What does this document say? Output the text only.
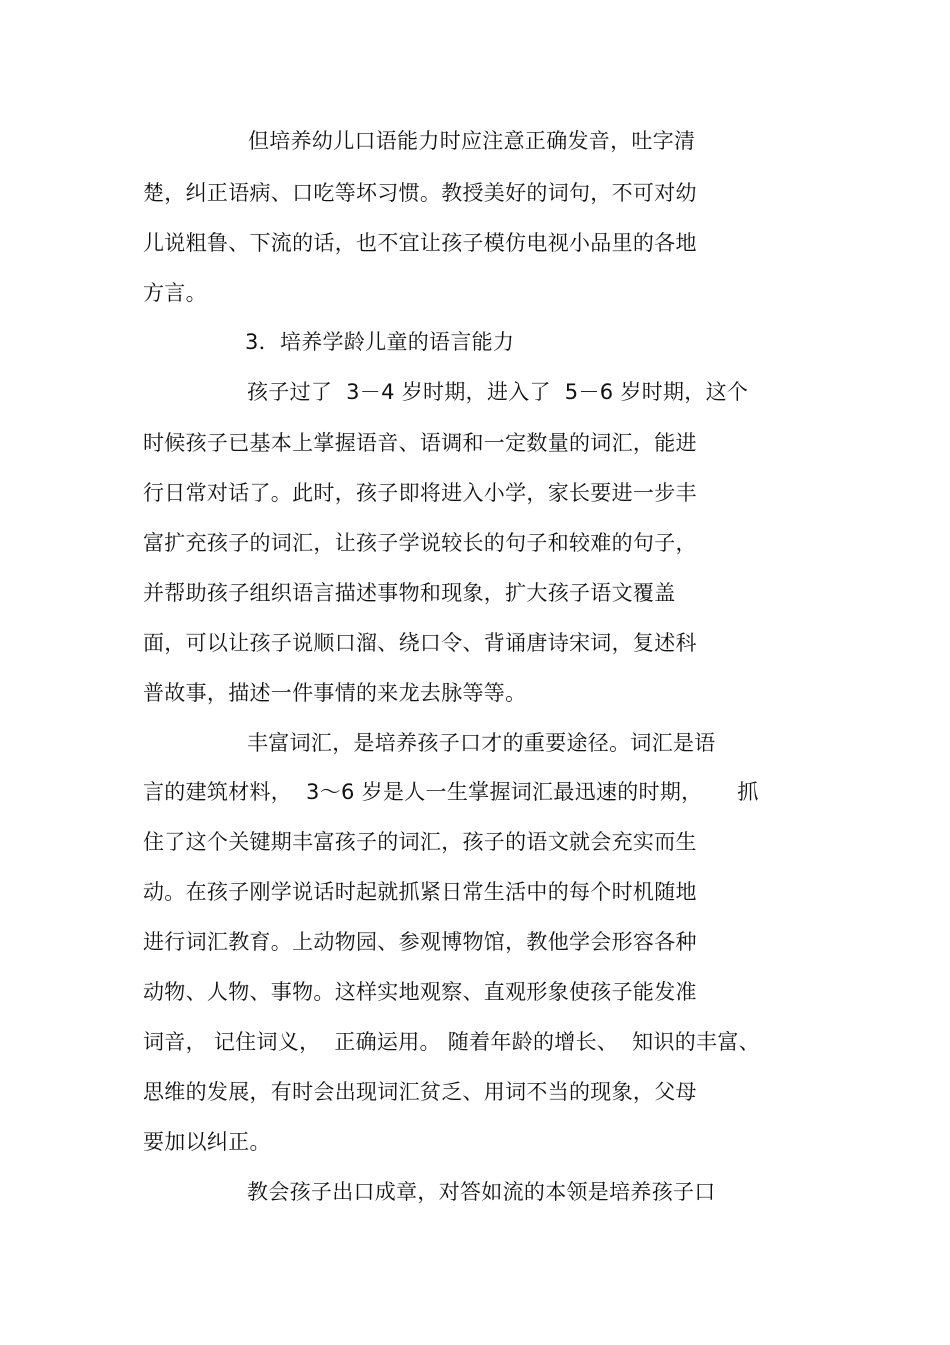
但培养幼儿口语能力时应注意正确发音，吐字清
楚，纠正语病、口吃等坏习惯。教授美好的词句，不可对幼
儿说粗鲁、下流的话，也不宜让孩子模仿电视小品里的各地
方言。
3．培养学龄儿童的语言能力
孩子过了  3－4 岁时期，进入了  5－6 岁时期，这个
时候孩子已基本上掌握语音、语调和一定数量的词汇，能进
行日常对话了。此时，孩子即将进入小学，家长要进一步丰
富扩充孩子的词汇，让孩子学说较长的句子和较难的句子，
并帮助孩子组织语言描述事物和现象，扩大孩子语文覆盖
面，可以让孩子说顺口溜、绕口令、背诵唐诗宋词，复述科
普故事，描述一件事情的来龙去脉等等。
丰富词汇，是培养孩子口才的重要途径。词汇是语
言的建筑材料，  3～6 岁是人一生掌握词汇最迅速的时期，     抓
住了这个关键期丰富孩子的词汇，孩子的语文就会充实而生
动。在孩子刚学说话时起就抓紧日常生活中的每个时机随地
进行词汇教育。上动物园、参观博物馆，教他学会形容各种
动物、人物、事物。这样实地观察、直观形象使孩子能发准
词音， 记住词义，  正确运用。 随着年龄的增长、  知识的丰富、
思维的发展，有时会出现词汇贫乏、用词不当的现象，父母
要加以纠正。
教会孩子出口成章，对答如流的本领是培养孩子口
